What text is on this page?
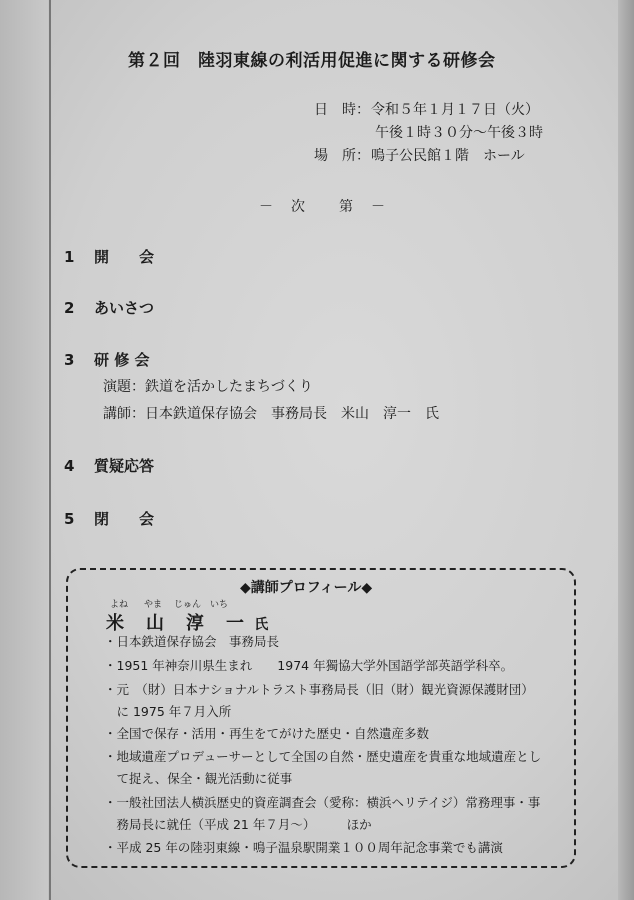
第２回　陸羽東線の利活用促進に関する研修会
日　時： 令和５年１月１７日（火）
午後１時３０分～午後３時
場　所： 鳴子公民館１階　ホール
－　次　　第　－
1 開　　会
2 あいさつ
3 研 修 会
演題：鉄道を活かしたまちづくり
講師：日本鉄道保存協会　事務局長　米山　淳一　氏
4 質疑応答
5 閉　　会
◆講師プロフィール◆
よね やま じゅん いち
米　山　淳　一 氏
・日本鉄道保存協会　事務局長
・1951 年神奈川県生まれ　　1974 年獨協大学外国語学部英語学科卒。
・元　（財）日本ナショナルトラスト事務局長（旧（財）観光資源保護財団）
　に 1975 年７月入所
・全国で保存・活用・再生をてがけた歴史・自然遺産多数
・地域遺産プロデューサーとして全国の自然・歴史遺産を貴重な地域遺産とし
　て捉え、保全・観光活動に従事
・一般社団法人横浜歴史的資産調査会（愛称：横浜ヘリテイジ）常務理事・事
　務局長に就任（平成 21 年７月～）　　　ほか
・平成 25 年の陸羽東線・鳴子温泉駅開業１００周年記念事業でも講演
